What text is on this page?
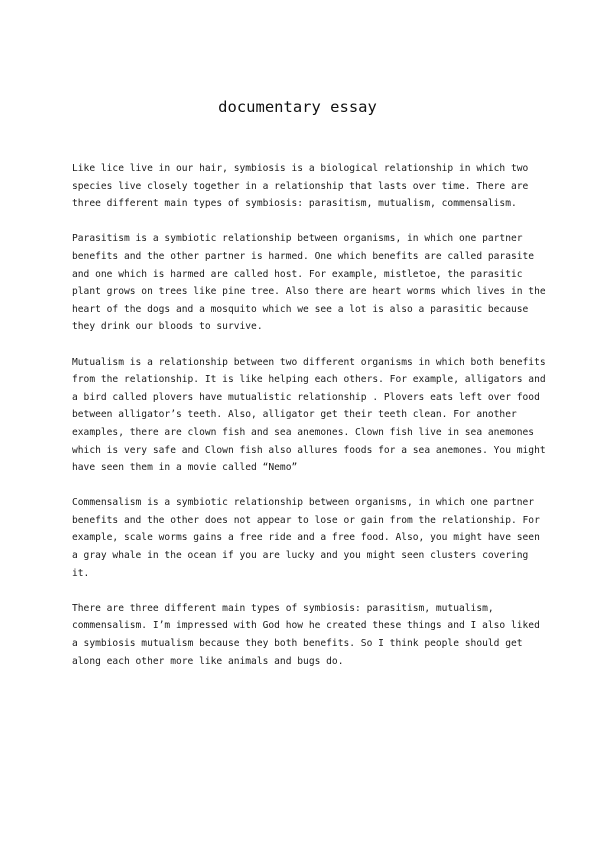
documentary essay

Like lice live in our hair, symbiosis is a biological relationship in which two
species live closely together in a relationship that lasts over time. There are
three different main types of symbiosis: parasitism, mutualism, commensalism.

Parasitism is a symbiotic relationship between organisms, in which one partner
benefits and the other partner is harmed. One which benefits are called parasite
and one which is harmed are called host. For example, mistletoe, the parasitic
plant grows on trees like pine tree. Also there are heart worms which lives in the
heart of the dogs and a mosquito which we see a lot is also a parasitic because
they drink our bloods to survive.

Mutualism is a relationship between two different organisms in which both benefits
from the relationship. It is like helping each others. For example, alligators and
a bird called plovers have mutualistic relationship . Plovers eats left over food
between alligator’s teeth. Also, alligator get their teeth clean. For another
examples, there are clown fish and sea anemones. Clown fish live in sea anemones
which is very safe and Clown fish also allures foods for a sea anemones. You might
have seen them in a movie called “Nemo”

Commensalism is a symbiotic relationship between organisms, in which one partner
benefits and the other does not appear to lose or gain from the relationship. For
example, scale worms gains a free ride and a free food. Also, you might have seen
a gray whale in the ocean if you are lucky and you might seen clusters covering
it.

There are three different main types of symbiosis: parasitism, mutualism,
commensalism. I’m impressed with God how he created these things and I also liked
a symbiosis mutualism because they both benefits. So I think people should get
along each other more like animals and bugs do.
